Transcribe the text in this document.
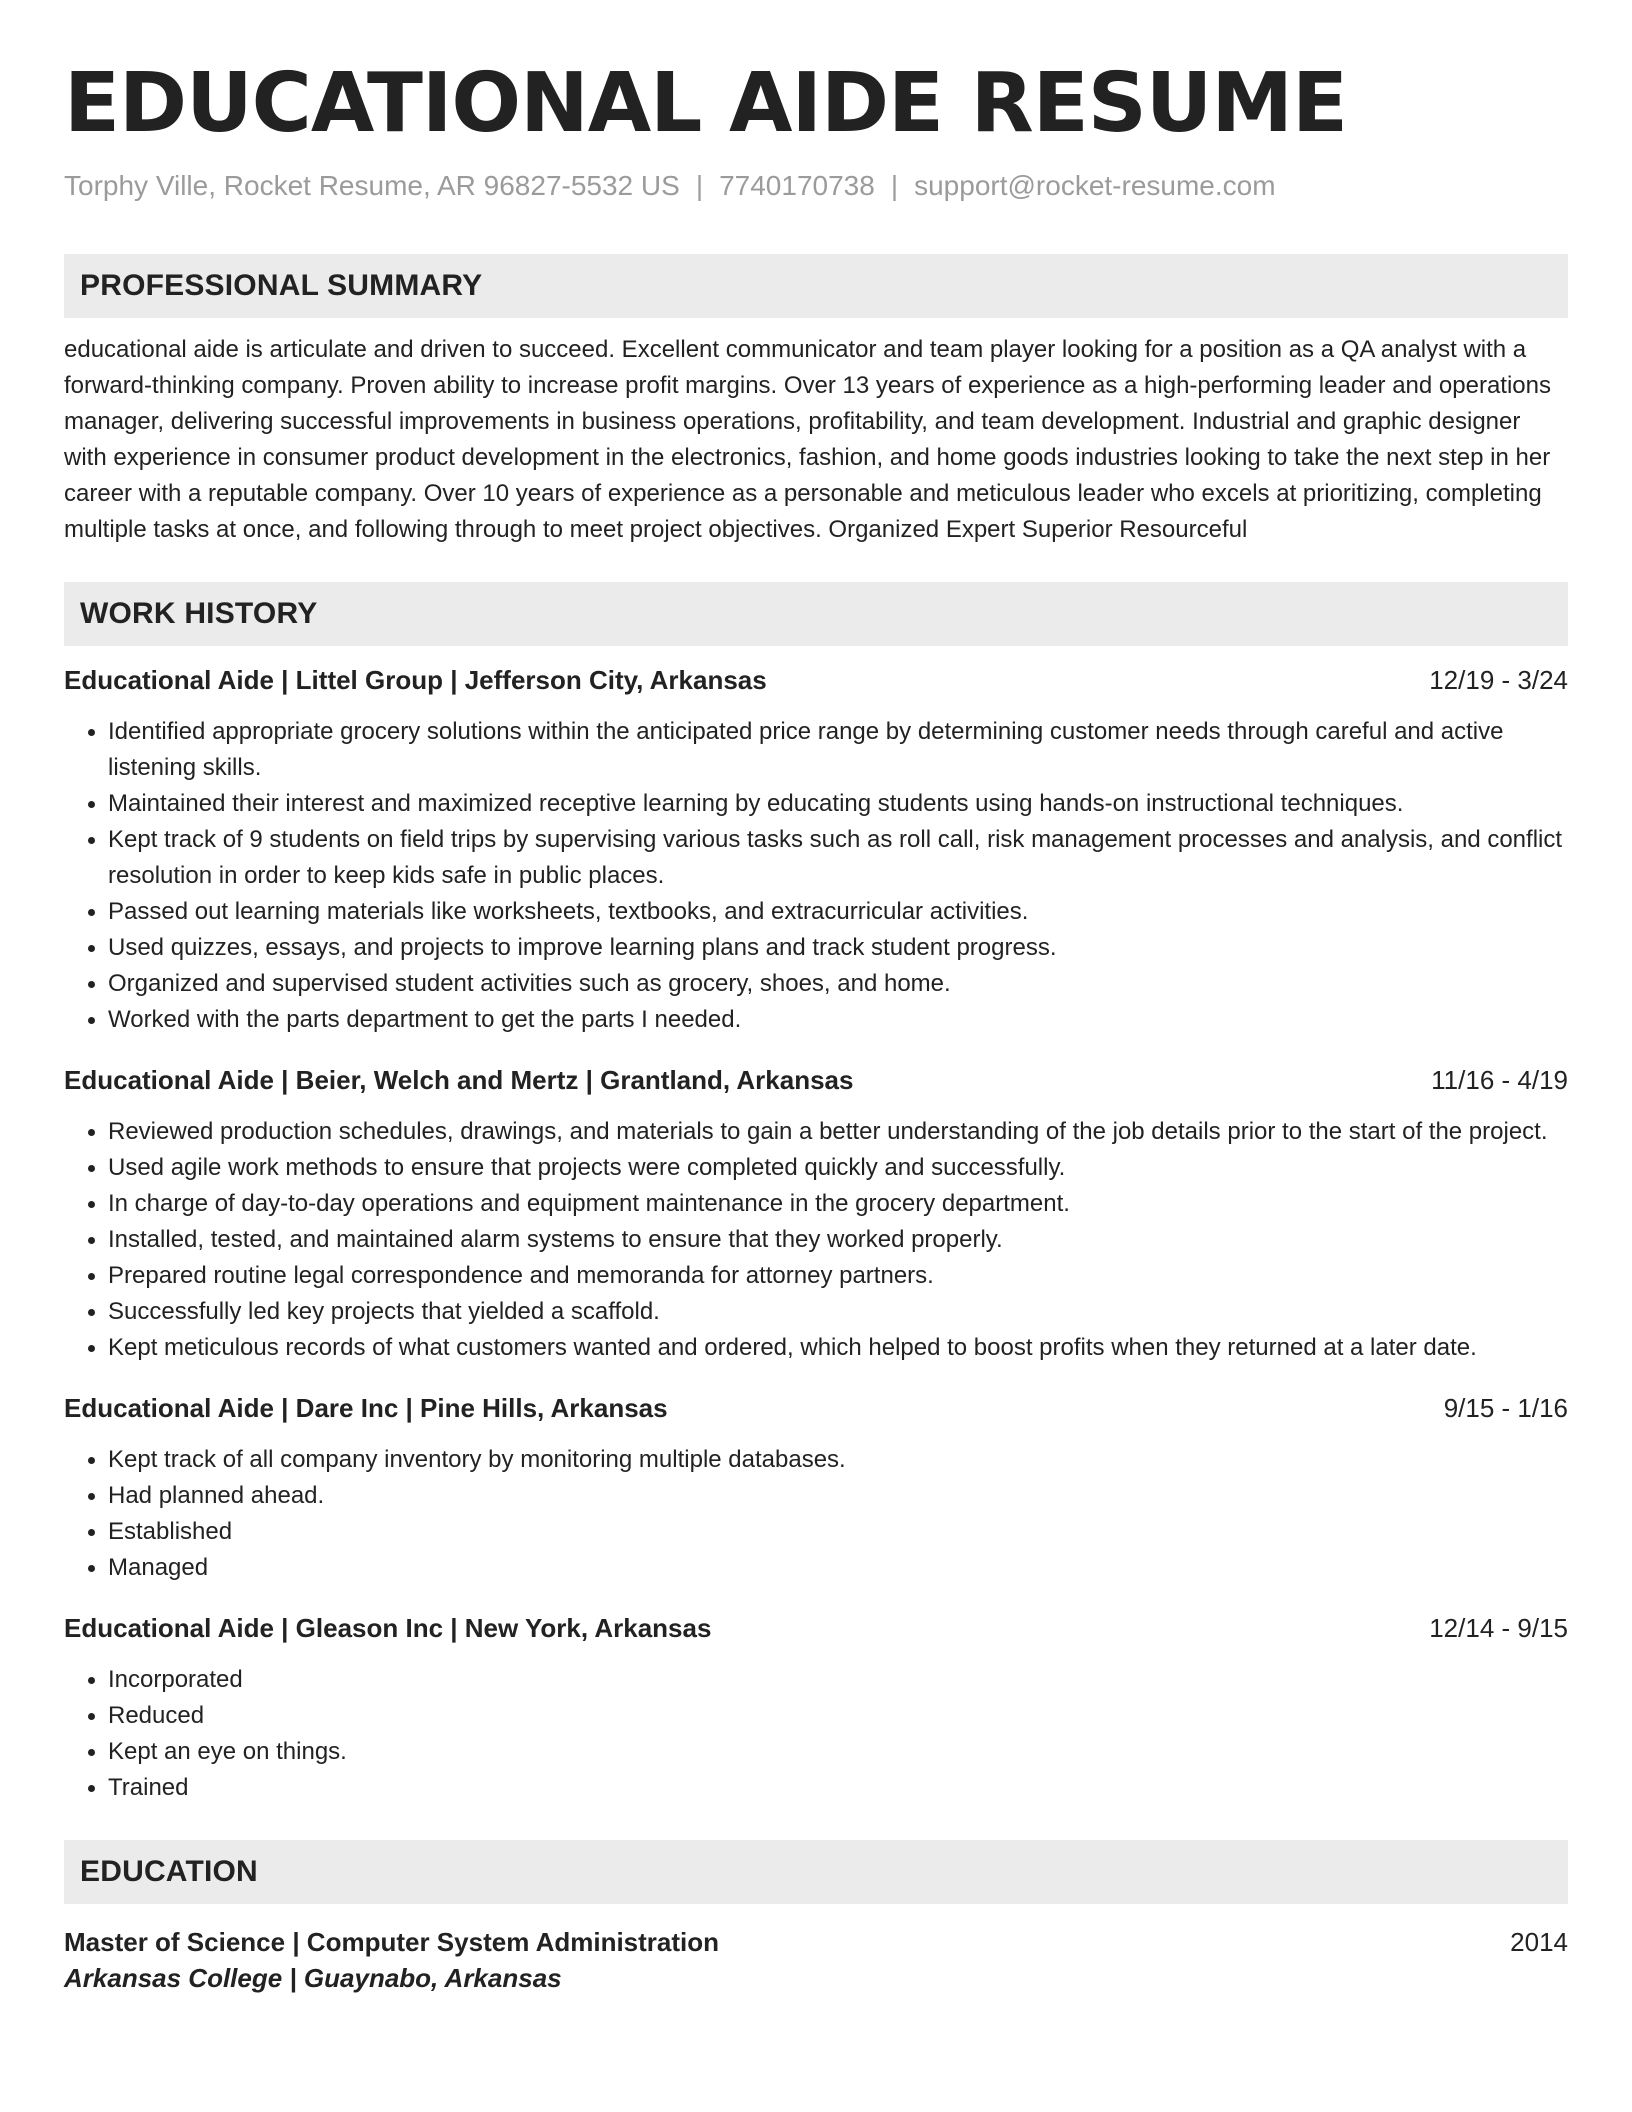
EDUCATIONAL AIDE RESUME
Torphy Ville, Rocket Resume, AR 96827-5532 US | 7740170738 | support@rocket-resume.com
PROFESSIONAL SUMMARY
educational aide is articulate and driven to succeed. Excellent communicator and team player looking for a position as a QA analyst with a forward-thinking company. Proven ability to increase profit margins. Over 13 years of experience as a high-performing leader and operations manager, delivering successful improvements in business operations, profitability, and team development. Industrial and graphic designer with experience in consumer product development in the electronics, fashion, and home goods industries looking to take the next step in her career with a reputable company. Over 10 years of experience as a personable and meticulous leader who excels at prioritizing, completing multiple tasks at once, and following through to meet project objectives. Organized Expert Superior Resourceful
WORK HISTORY
Educational Aide | Littel Group | Jefferson City, Arkansas	12/19 - 3/24
• Identified appropriate grocery solutions within the anticipated price range by determining customer needs through careful and active listening skills.
• Maintained their interest and maximized receptive learning by educating students using hands-on instructional techniques.
• Kept track of 9 students on field trips by supervising various tasks such as roll call, risk management processes and analysis, and conflict resolution in order to keep kids safe in public places.
• Passed out learning materials like worksheets, textbooks, and extracurricular activities.
• Used quizzes, essays, and projects to improve learning plans and track student progress.
• Organized and supervised student activities such as grocery, shoes, and home.
• Worked with the parts department to get the parts I needed.
Educational Aide | Beier, Welch and Mertz | Grantland, Arkansas	11/16 - 4/19
• Reviewed production schedules, drawings, and materials to gain a better understanding of the job details prior to the start of the project.
• Used agile work methods to ensure that projects were completed quickly and successfully.
• In charge of day-to-day operations and equipment maintenance in the grocery department.
• Installed, tested, and maintained alarm systems to ensure that they worked properly.
• Prepared routine legal correspondence and memoranda for attorney partners.
• Successfully led key projects that yielded a scaffold.
• Kept meticulous records of what customers wanted and ordered, which helped to boost profits when they returned at a later date.
Educational Aide | Dare Inc | Pine Hills, Arkansas	9/15 - 1/16
• Kept track of all company inventory by monitoring multiple databases.
• Had planned ahead.
• Established
• Managed
Educational Aide | Gleason Inc | New York, Arkansas	12/14 - 9/15
• Incorporated
• Reduced
• Kept an eye on things.
• Trained
EDUCATION
Master of Science | Computer System Administration	2014
Arkansas College | Guaynabo, Arkansas
